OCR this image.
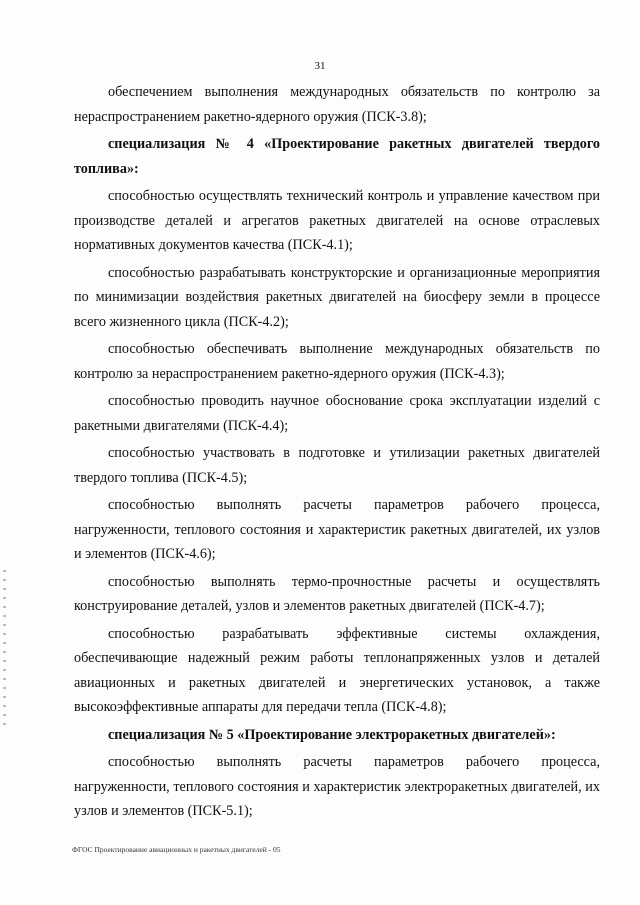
31

обеспечением выполнения международных обязательств по контролю за нераспространением ракетно-ядерного оружия (ПСК-3.8);

специализация № 4 «Проектирование ракетных двигателей твердого топлива»:

способностью осуществлять технический контроль и управление качеством при производстве деталей и агрегатов ракетных двигателей на основе отраслевых нормативных документов качества (ПСК-4.1);

способностью разрабатывать конструкторские и организационные мероприятия по минимизации воздействия ракетных двигателей на биосферу земли в процессе всего жизненного цикла (ПСК-4.2);

способностью обеспечивать выполнение международных обязательств по контролю за нераспространением ракетно-ядерного оружия (ПСК-4.3);

способностью проводить научное обоснование срока эксплуатации изделий с ракетными двигателями (ПСК-4.4);

способностью участвовать в подготовке и утилизации ракетных двигателей твердого топлива (ПСК-4.5);

способностью выполнять расчеты параметров рабочего процесса, нагруженности, теплового состояния и характеристик ракетных двигателей, их узлов и элементов (ПСК-4.6);

способностью выполнять термо-прочностные расчеты и осуществлять конструирование деталей, узлов и элементов ракетных двигателей (ПСК-4.7);

способностью разрабатывать эффективные системы охлаждения, обеспечивающие надежный режим работы теплонапряженных узлов и деталей авиационных и ракетных двигателей и энергетических установок, а также высокоэффективные аппараты для передачи тепла (ПСК-4.8);

специализация № 5 «Проектирование электроракетных двигателей»:

способностью выполнять расчеты параметров рабочего процесса, нагруженности, теплового состояния и характеристик электроракетных двигателей, их узлов и элементов (ПСК-5.1);

ФГОС Проектирование авиационных и ракетных двигателей - 05
